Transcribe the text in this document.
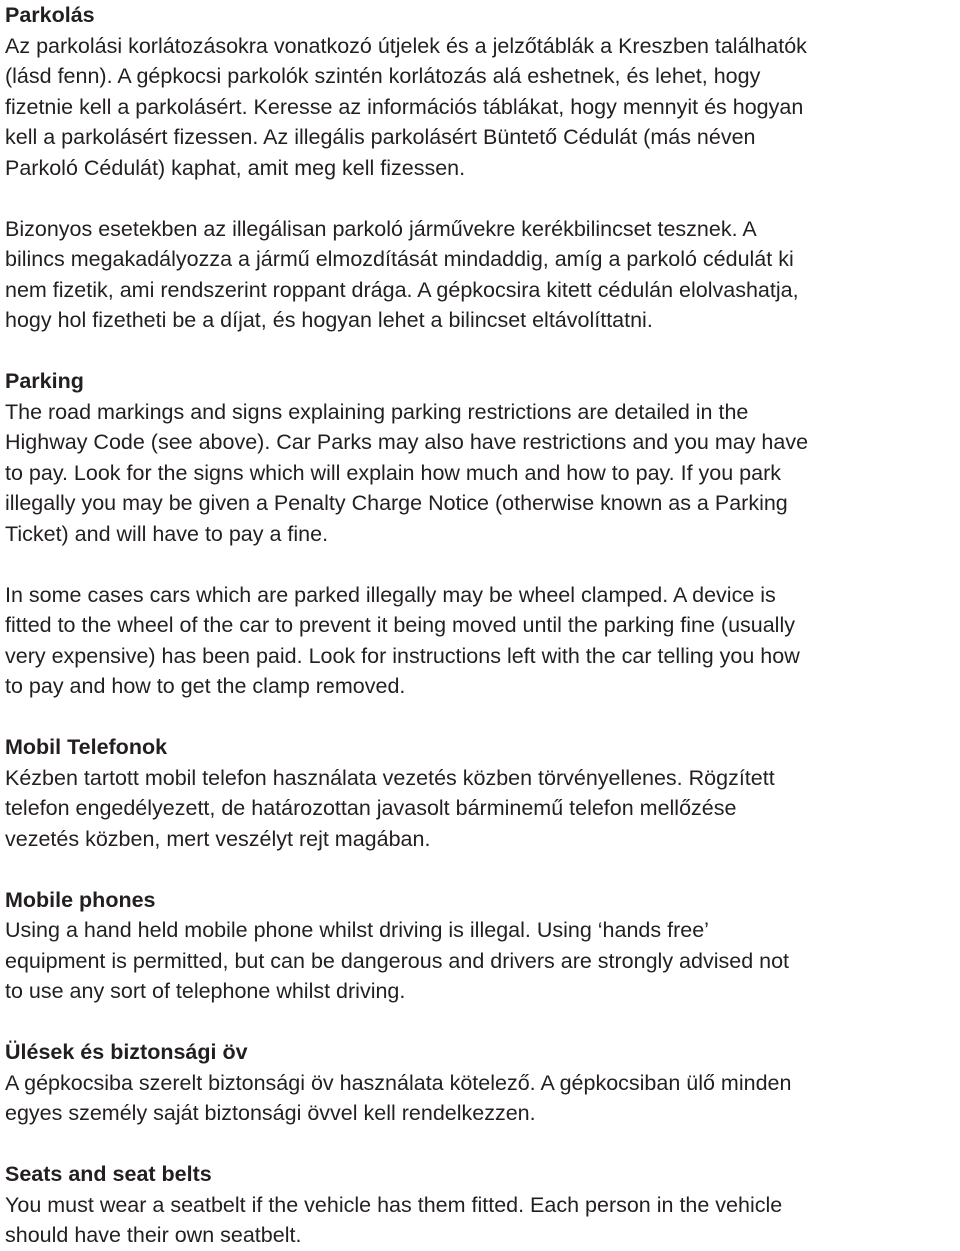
Parkolás

Az parkolási korlátozásokra vonatkozó útjelek és a jelzőtáblák a Kreszben találhatók
(lásd fenn). A gépkocsi parkolók szintén korlátozás alá eshetnek, és lehet, hogy
fizetnie kell a parkolásért. Keresse az információs táblákat, hogy mennyit és hogyan
kell a parkolásért fizessen. Az illegális parkolásért Büntető Cédulát (más néven
Parkoló Cédulát) kaphat, amit meg kell fizessen.

Bizonyos esetekben az illegálisan parkoló járművekre kerékbilincset tesznek. A
bilincs megakadályozza a jármű elmozdítását mindaddig, amíg a parkoló cédulát ki
nem fizetik, ami rendszerint roppant drága. A gépkocsira kitett cédulán elolvashatja,
hogy hol fizetheti be a díjat, és hogyan lehet a bilincset eltávolíttatni.

Parking

The road markings and signs explaining parking restrictions are detailed in the
Highway Code (see above). Car Parks may also have restrictions and you may have
to pay. Look for the signs which will explain how much and how to pay. If you park
illegally you may be given a Penalty Charge Notice (otherwise known as a Parking
Ticket) and will have to pay a fine.

In some cases cars which are parked illegally may be wheel clamped. A device is
fitted to the wheel of the car to prevent it being moved until the parking fine (usually
very expensive) has been paid. Look for instructions left with the car telling you how
to pay and how to get the clamp removed.

Mobil Telefonok

Kézben tartott mobil telefon használata vezetés közben törvényellenes. Rögzített
telefon engedélyezett, de határozottan javasolt bárminemű telefon mellőzése
vezetés közben, mert veszélyt rejt magában.

Mobile phones

Using a hand held mobile phone whilst driving is illegal. Using ‘hands free’
equipment is permitted, but can be dangerous and drivers are strongly advised not
to use any sort of telephone whilst driving.

Ülések és biztonsági öv

A gépkocsiba szerelt biztonsági öv használata kötelező. A gépkocsiban ülő minden
egyes személy saját biztonsági övvel kell rendelkezzen.

Seats and seat belts

You must wear a seatbelt if the vehicle has them fitted. Each person in the vehicle
should have their own seatbelt.
